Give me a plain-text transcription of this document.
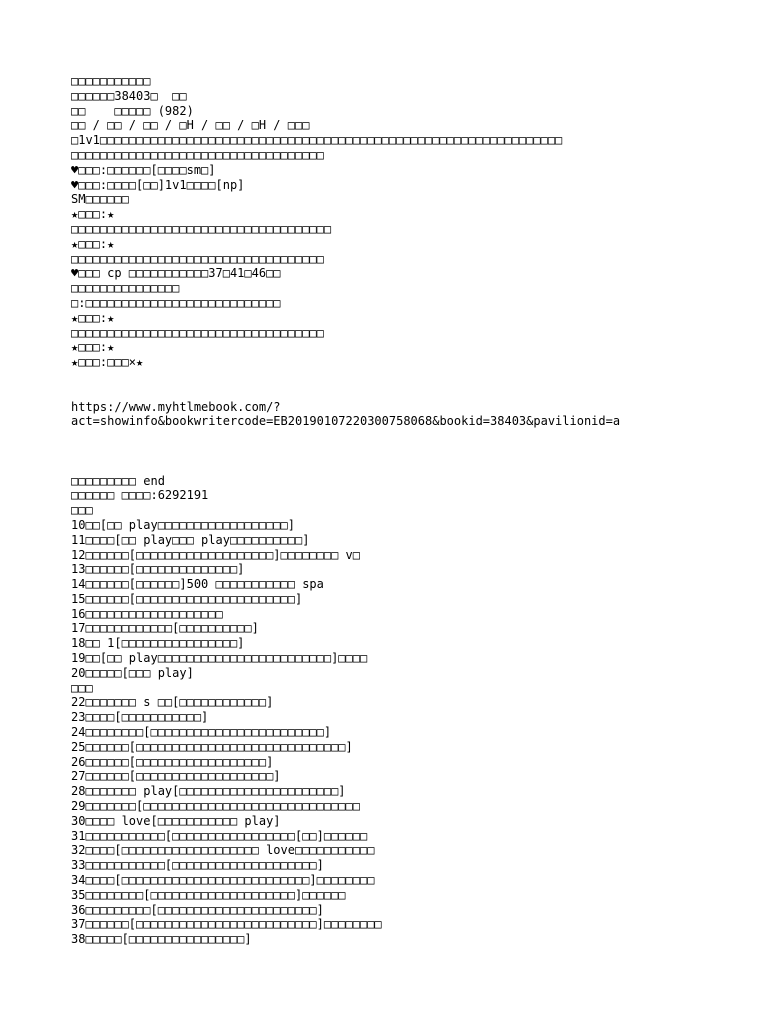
□□□□□□□□□□□
□□□□□□38403□  □□
□□    □□□□□ (982)
□□ / □□ / □□ / □H / □□ / □H / □□□
□1v1□□□□□□□□□□□□□□□□□□□□□□□□□□□□□□□□□□□□□□□□□□□□□□□□□□□□□□□□□□□□□□□□
□□□□□□□□□□□□□□□□□□□□□□□□□□□□□□□□□□□
♥□□□:□□□□□□[□□□□sm□]
♥□□□:□□□□[□□]1v1□□□□[np]
SM□□□□□□
★□□□:★
□□□□□□□□□□□□□□□□□□□□□□□□□□□□□□□□□□□□
★□□□:★
□□□□□□□□□□□□□□□□□□□□□□□□□□□□□□□□□□□
♥□□□ cp □□□□□□□□□□□37□41□46□□
□□□□□□□□□□□□□□□
□:□□□□□□□□□□□□□□□□□□□□□□□□□□□
★□□□:★
□□□□□□□□□□□□□□□□□□□□□□□□□□□□□□□□□□□
★□□□:★
★□□□:□□□×★
https://www.myhtlmebook.com/?
act=showinfo&bookwritercode=EB20190107220300758068&bookid=38403&pavilionid=a
□□□□□□□□□ end
□□□□□□ □□□□:6292191
□□□
10□□[□□ play□□□□□□□□□□□□□□□□□□]
11□□□□[□□ play□□□ play□□□□□□□□□□]
12□□□□□□[□□□□□□□□□□□□□□□□□□□]□□□□□□□□ v□
13□□□□□□[□□□□□□□□□□□□□□]
14□□□□□□[□□□□□□]500 □□□□□□□□□□□ spa
15□□□□□□[□□□□□□□□□□□□□□□□□□□□□□]
16□□□□□□□□□□□□□□□□□□□
17□□□□□□□□□□□□[□□□□□□□□□□]
18□□ 1[□□□□□□□□□□□□□□□□]
19□□[□□ play□□□□□□□□□□□□□□□□□□□□□□□□]□□□□
20□□□□□[□□□ play]
□□□
22□□□□□□□ s □□[□□□□□□□□□□□□]
23□□□□[□□□□□□□□□□□]
24□□□□□□□□[□□□□□□□□□□□□□□□□□□□□□□□□]
25□□□□□□[□□□□□□□□□□□□□□□□□□□□□□□□□□□□□]
26□□□□□□[□□□□□□□□□□□□□□□□□□]
27□□□□□□[□□□□□□□□□□□□□□□□□□□]
28□□□□□□□ play[□□□□□□□□□□□□□□□□□□□□□□]
29□□□□□□□[□□□□□□□□□□□□□□□□□□□□□□□□□□□□□□
30□□□□ love[□□□□□□□□□□□ play]
31□□□□□□□□□□□[□□□□□□□□□□□□□□□□□[□□]□□□□□□
32□□□□[□□□□□□□□□□□□□□□□□□□ love□□□□□□□□□□□
33□□□□□□□□□□□[□□□□□□□□□□□□□□□□□□□□]
34□□□□[□□□□□□□□□□□□□□□□□□□□□□□□□□]□□□□□□□□
35□□□□□□□□[□□□□□□□□□□□□□□□□□□□□]□□□□□□
36□□□□□□□□□[□□□□□□□□□□□□□□□□□□□□□□]
37□□□□□□[□□□□□□□□□□□□□□□□□□□□□□□□□]□□□□□□□□
38□□□□□[□□□□□□□□□□□□□□□□]
